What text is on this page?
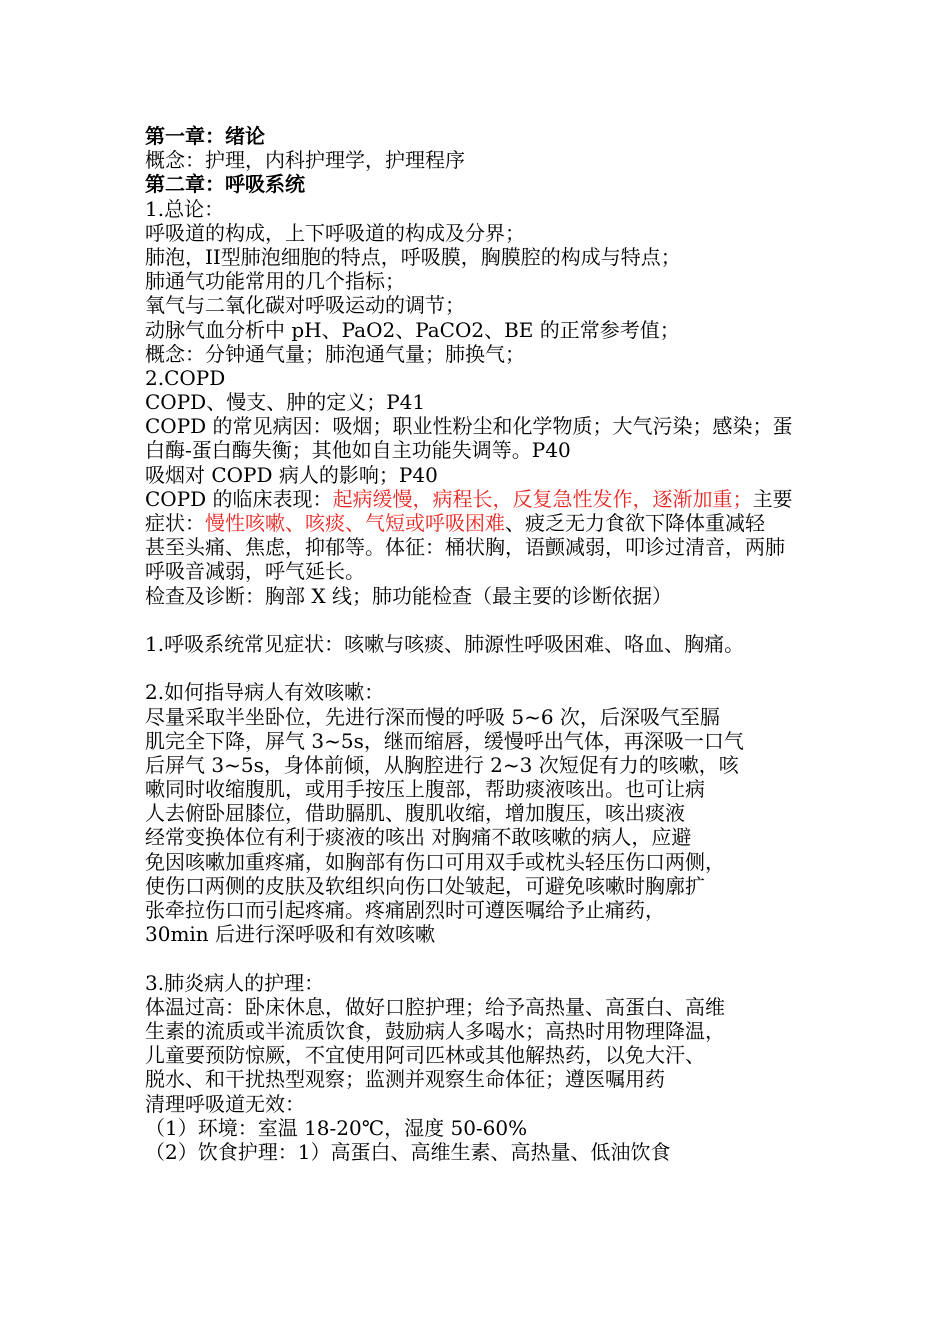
第一章：绪论

概念：护理，内科护理学，护理程序

第二章：呼吸系统

1.总论：

呼吸道的构成，上下呼吸道的构成及分界；

肺泡，II型肺泡细胞的特点，呼吸膜，胸膜腔的构成与特点；

肺通气功能常用的几个指标；

氧气与二氧化碳对呼吸运动的调节；

动脉气血分析中 pH、PaO2、PaCO2、BE 的正常参考值；

概念：分钟通气量；肺泡通气量；肺换气；

2.COPD

COPD、慢支、肿的定义；P41

COPD 的常见病因：吸烟；职业性粉尘和化学物质；大气污染；感染；蛋

白酶-蛋白酶失衡；其他如自主功能失调等。P40

吸烟对 COPD 病人的影响；P40

COPD 的临床表现：起病缓慢，病程长，反复急性发作，逐渐加重；主要

症状：慢性咳嗽、咳痰、气短或呼吸困难、疲乏无力食欲下降体重减轻

甚至头痛、焦虑，抑郁等。体征：桶状胸，语颤减弱，叩诊过清音，两肺

呼吸音减弱，呼气延长。

检查及诊断：胸部 X 线；肺功能检查（最主要的诊断依据）

1.呼吸系统常见症状：咳嗽与咳痰、肺源性呼吸困难、咯血、胸痛。

2.如何指导病人有效咳嗽：

尽量采取半坐卧位，先进行深而慢的呼吸 5~6 次，后深吸气至膈

肌完全下降，屏气 3~5s，继而缩唇，缓慢呼出气体，再深吸一口气

后屏气 3~5s，身体前倾，从胸腔进行 2~3 次短促有力的咳嗽，咳

嗽同时收缩腹肌，或用手按压上腹部，帮助痰液咳出。也可让病

人去俯卧屈膝位，借助膈肌、腹肌收缩，增加腹压，咳出痰液

经常变换体位有利于痰液的咳出 对胸痛不敢咳嗽的病人，应避

免因咳嗽加重疼痛，如胸部有伤口可用双手或枕头轻压伤口两侧，

使伤口两侧的皮肤及软组织向伤口处皱起，可避免咳嗽时胸廓扩

张牵拉伤口而引起疼痛。疼痛剧烈时可遵医嘱给予止痛药，

30min 后进行深呼吸和有效咳嗽

3.肺炎病人的护理：

体温过高：卧床休息，做好口腔护理；给予高热量、高蛋白、高维

生素的流质或半流质饮食，鼓励病人多喝水；高热时用物理降温，

儿童要预防惊厥，不宜使用阿司匹林或其他解热药，以免大汗、

脱水、和干扰热型观察；监测并观察生命体征；遵医嘱用药

清理呼吸道无效：

（1）环境：室温 18-20℃，湿度 50-60%

（2）饮食护理：1）高蛋白、高维生素、高热量、低油饮食
